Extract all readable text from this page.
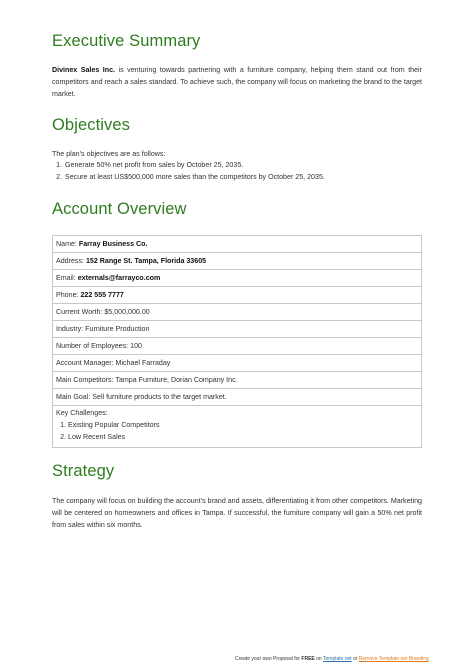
Executive Summary

Divinex Sales Inc. is venturing towards partnering with a furniture company, helping them stand out from their competitors and reach a sales standard. To achieve such, the company will focus on marketing the brand to the target market.

Objectives

The plan’s objectives are as follows:

1. Generate 50% net profit from sales by October 25, 2035.
2. Secure at least US$500,000 more sales than the competitors by October 25, 2035.
Account Overview
Name: Farray Business Co.
Address: 152 Range St. Tampa, Florida 33605
Email: externals@farrayco.com
Phone: 222 555 7777
Current Worth: $5,000,000.00
Industry: Furniture Production
Number of Employees: 100
Account Manager: Michael Farraday
Main Competitors: Tampa Furniture, Dorian Company Inc.
Main Goal: Sell furniture products to the target market.

Key Challenges:
1. Existing Popular Competitors
2. Low Recent Sales
Strategy

The company will focus on building the account’s brand and assets, differentiating it from other competitors. Marketing will be centered on homeowners and offices in Tampa. If successful, the furniture company will gain a 50% net profit from sales within six months.

Create your own Proposal for FREE on Template.net or Remove Template.net Branding
